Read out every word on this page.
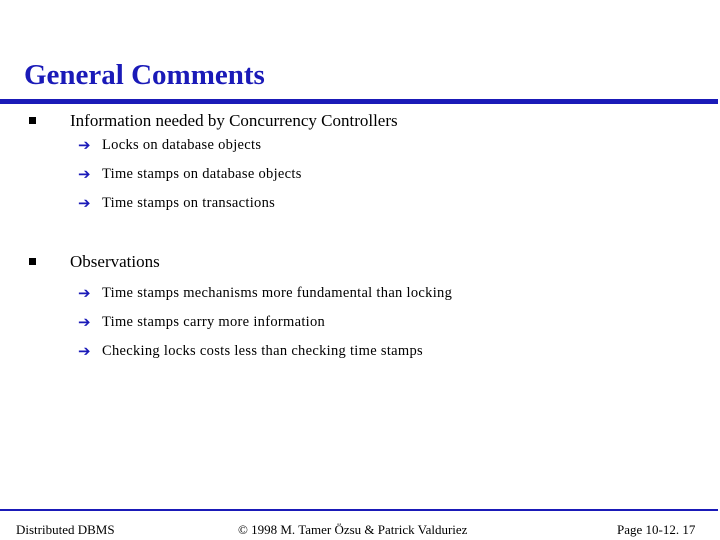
General Comments
Information needed by Concurrency Controllers
➔ Locks on database objects
➔ Time stamps on database objects
➔ Time stamps on transactions
Observations
➔ Time stamps mechanisms more fundamental than locking
➔ Time stamps carry more information
➔ Checking locks costs less than checking time stamps
Distributed DBMS	© 1998 M. Tamer Özsu & Patrick Valduriez	Page 10-12. 17
